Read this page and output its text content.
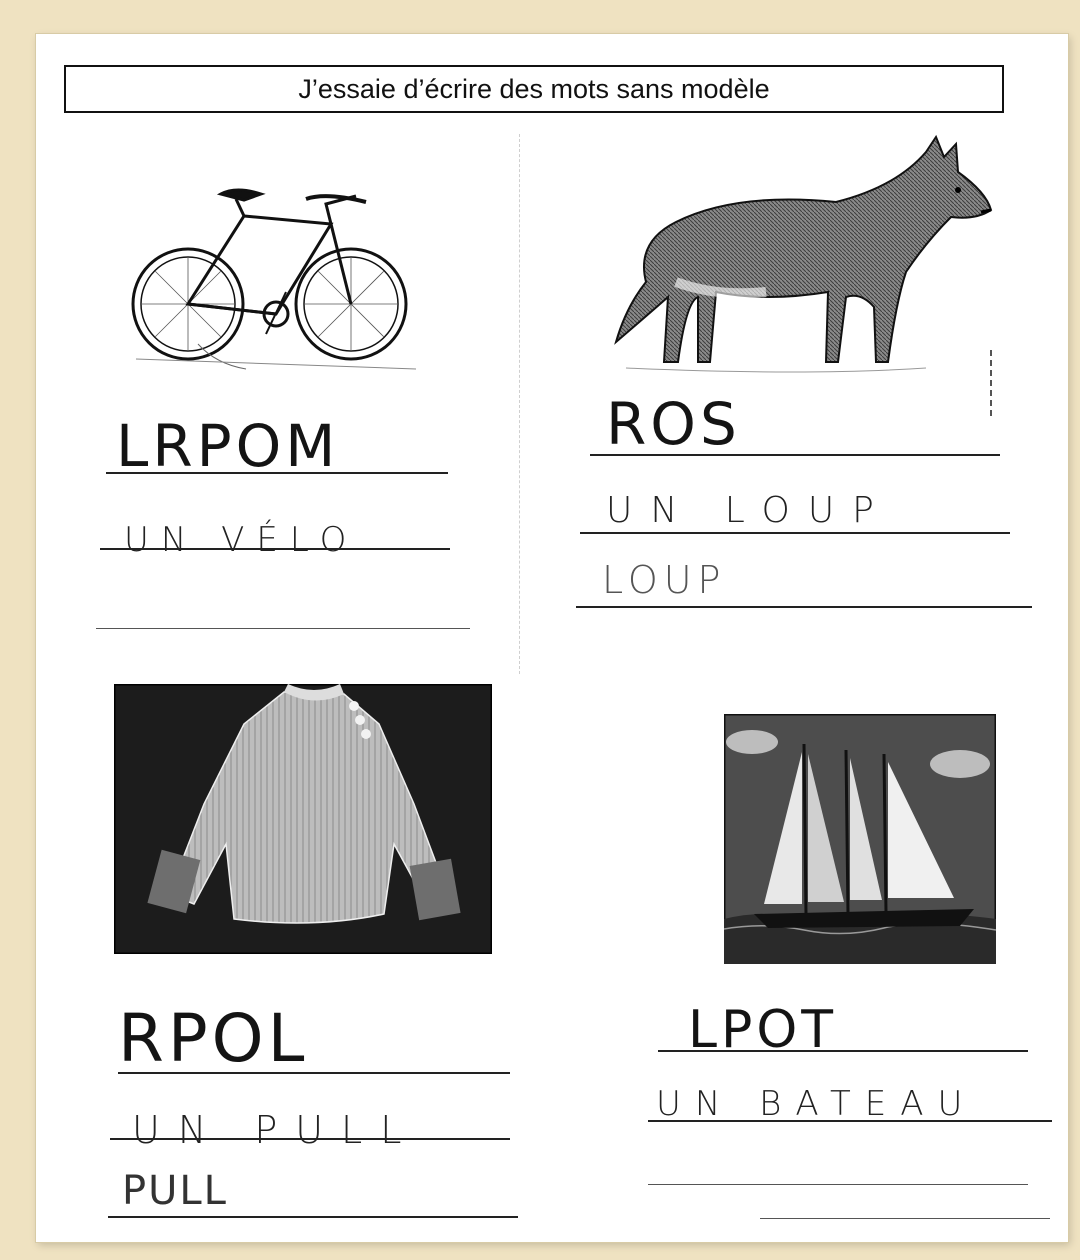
J’essaie d’écrire des mots sans modèle
LRPOM
UN VÉLO
ROS
UN LOUP
LOUP
RPOL
UN PULL
PULL
LPOT
UN BATEAU
